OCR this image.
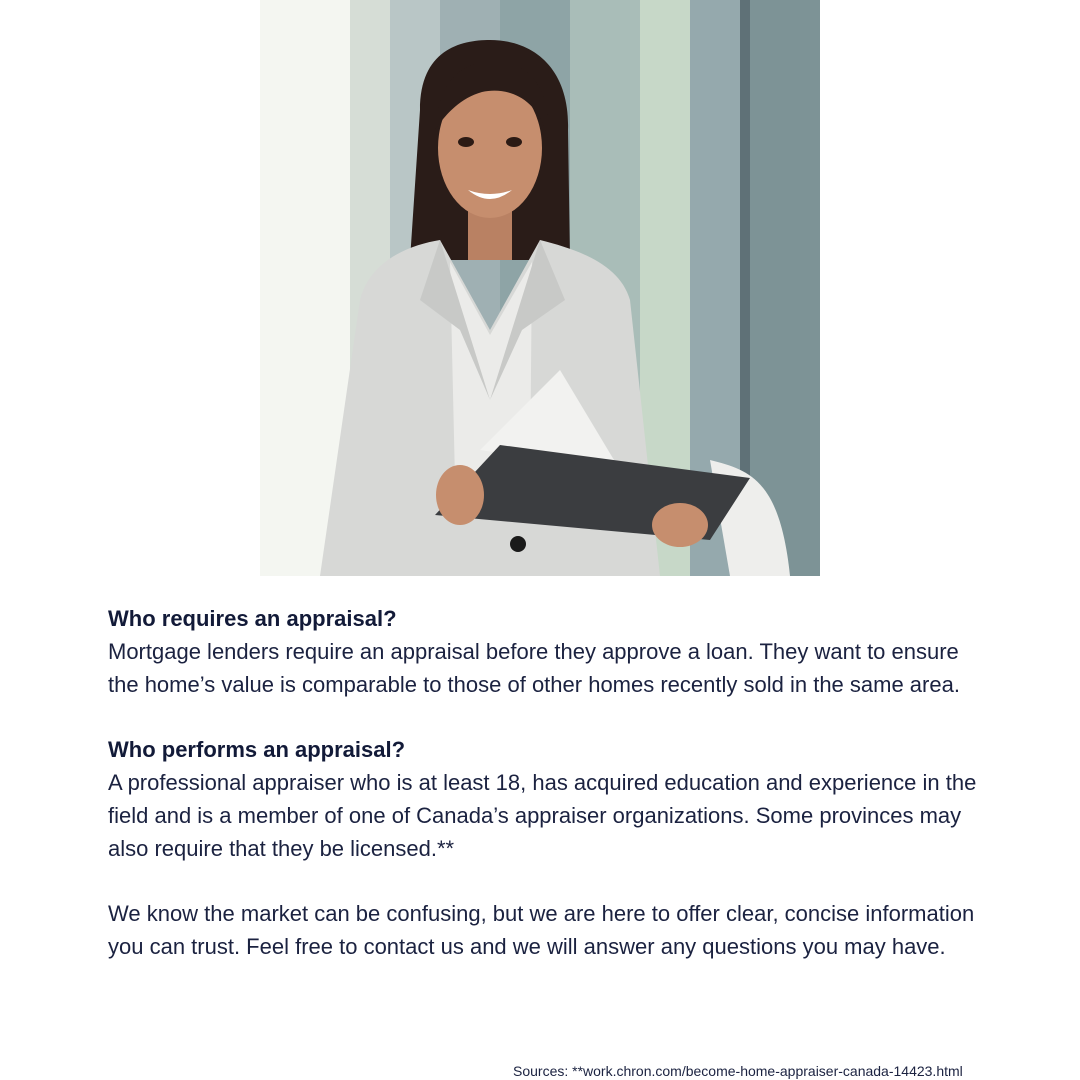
Who requires an appraisal?

Mortgage lenders require an appraisal before they approve a loan. They want to ensure the home’s value is comparable to those of other homes recently sold in the same area.

Who performs an appraisal?

A professional appraiser who is at least 18, has acquired education and experience in the field and is a member of one of Canada’s appraiser organizations. Some provinces may also require that they be licensed.**

We know the market can be confusing, but we are here to offer clear, concise information you can trust. Feel free to contact us and we will answer any questions you may have.

Sources: **work.chron.com/become-home-appraiser-canada-14423.html
